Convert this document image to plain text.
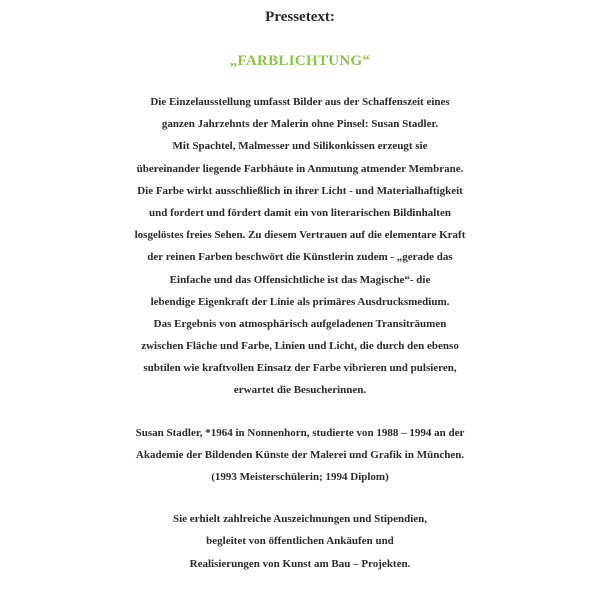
Pressetext:

„FARBLICHTUNG“

Die Einzelausstellung umfasst Bilder aus der Schaffenszeit eines
ganzen Jahrzehnts der Malerin ohne Pinsel: Susan Stadler.
Mit Spachtel, Malmesser und Silikonkissen erzeugt sie
übereinander liegende Farbhäute in Anmutung atmender Membrane.
Die Farbe wirkt ausschließlich in ihrer Licht - und Materialhaftigkeit
und fordert und fördert damit ein von literarischen Bildinhalten
losgelöstes freies Sehen. Zu diesem Vertrauen auf die elementare Kraft
der reinen Farben beschwört die Künstlerin zudem - „gerade das
Einfache und das Offensichtliche ist das Magische“- die
lebendige Eigenkraft der Linie als primäres Ausdrucksmedium.
Das Ergebnis von atmosphärisch aufgeladenen Transiträumen
zwischen Fläche und Farbe, Linien und Licht, die durch den ebenso
subtilen wie kraftvollen Einsatz der Farbe vibrieren und pulsieren,
erwartet die Besucherinnen.

Susan Stadler, *1964 in Nonnenhorn, studierte von 1988 – 1994 an der
Akademie der Bildenden Künste der Malerei und Grafik in München.
(1993 Meisterschülerin; 1994 Diplom)

Sie erhielt zahlreiche Auszeichnungen und Stipendien,
begleitet von öffentlichen Ankäufen und
Realisierungen von Kunst am Bau – Projekten.
